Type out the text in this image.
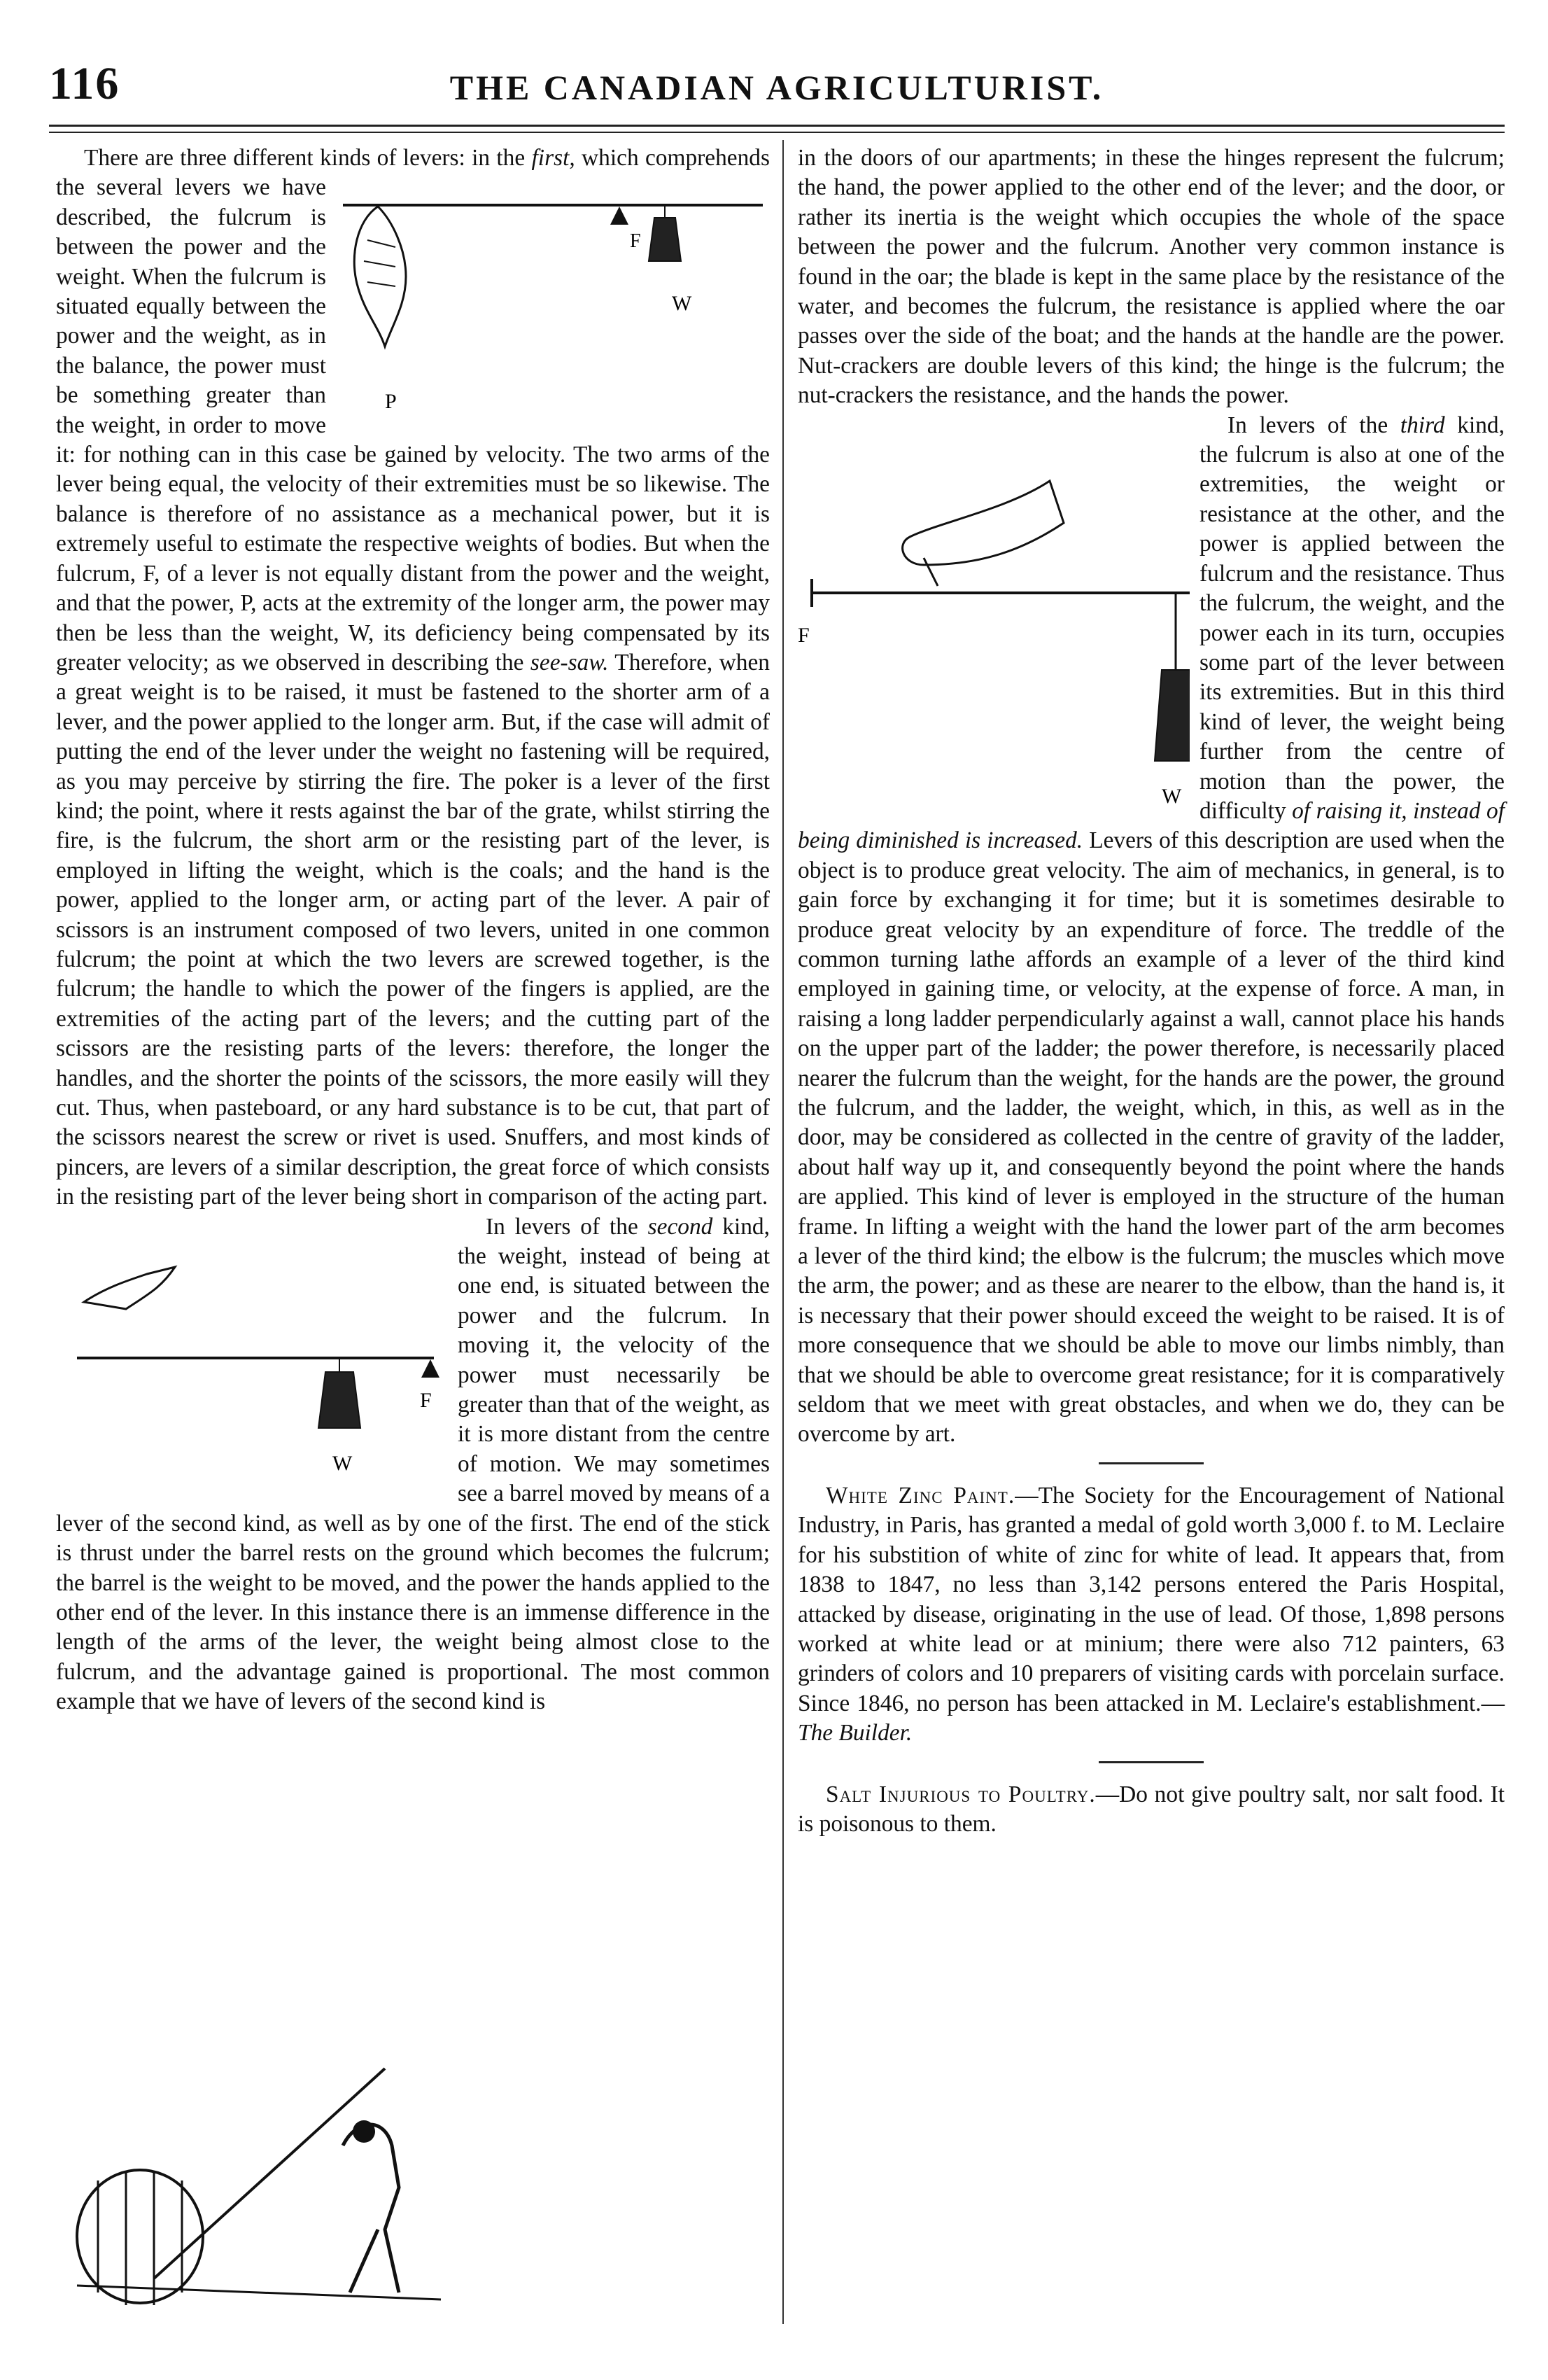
116	THE CANADIAN AGRICULTURIST.

There are three different kinds of levers: in the first,
F
W
P
which comprehends the several levers we have described, the fulcrum is between the power and the weight. When the fulcrum is situated equally between the power and the weight, as in the balance, the power must be something greater than the weight, in order to move it: for nothing can in this case be gained by velocity. The two arms of the lever being equal, the velocity of their extremities must be so likewise. The balance is therefore of no assistance as a mechanical power, but it is extremely useful to estimate the respective weights of bodies. But when the fulcrum, F, of a lever is not equally distant from the power and the weight, and that the power, P, acts at the extremity of the longer arm, the power may then be less than the weight, W, its deficiency being compensated by its greater velocity; as we observed in describing the see-saw. Therefore, when a great weight is to be raised, it must be fastened to the shorter arm of a lever, and the power applied to the longer arm. But, if the case will admit of putting the end of the lever under the weight no fastening will be required, as you may perceive by stirring the fire. The poker is a lever of the first kind; the point, where it rests against the bar of the grate, whilst stirring the fire, is the fulcrum, the short arm or the resisting part of the lever, is employed in lifting the weight, which is the coals; and the hand is the power, applied to the longer arm, or acting part of the lever. A pair of scissors is an instrument composed of two levers, united in one common fulcrum; the point at which the two levers are screwed together, is the fulcrum; the handle to which the power of the fingers is applied, are the extremities of the acting part of the levers; and the cutting part of the scissors are the resisting parts of the levers: therefore, the longer the handles, and the shorter the points of the scissors, the more easily will they cut. Thus, when pasteboard, or any hard substance is to be cut, that part of the scissors nearest the screw or rivet is used. Snuffers, and most kinds of pincers, are levers of a similar description, the great force of which consists in the resisting part of the lever being short in comparison of the acting part.

In levers of the second
F
W
kind, the weight, instead of being at one end, is situated between the power and the fulcrum. In moving it, the velocity of the power must necessarily be greater than that of the weight, as it is more distant from the centre of motion. We may sometimes see a barrel moved by means of a lever of the second kind, as well as by one of the first. The end of the stick is thrust under the barrel rests on the ground which becomes the fulcrum; the barrel is the weight to be moved, and the power the hands applied to the other end of the lever. In this instance there is an immense difference in the length of the arms of the lever, the weight being almost close to the fulcrum, and the advantage gained is proportional. The most common example that we have of levers of the second kind is

in the doors of our apartments; in these the hinges represent the fulcrum; the hand, the power applied to the other end of the lever; and the door, or rather its inertia is the weight which occupies the whole of the space between the power and the fulcrum. Another very common instance is found in the oar; the blade is kept in the same place by the resistance of the water, and becomes the fulcrum, the resistance is applied where the oar passes over the side of the boat; and the hands at the handle are the power. Nut-crackers are double levers of this kind; the hinge is the fulcrum; the nut-crackers the resistance, and the hands the power.

In levers of the third
F
W
kind, the fulcrum is also at one of the extremities, the weight or resistance at the other, and the power is applied between the fulcrum and the resistance. Thus the fulcrum, the weight, and the power each in its turn, occupies some part of the lever between its extremities. But in this third kind of lever, the weight being further from the centre of motion than the power, the difficulty of raising it, instead of being diminished is increased. Levers of this description are used when the object is to produce great velocity. The aim of mechanics, in general, is to gain force by exchanging it for time; but it is sometimes desirable to produce great velocity by an expenditure of force. The treddle of the common turning lathe affords an example of a lever of the third kind employed in gaining time, or velocity, at the expense of force. A man, in raising a long ladder perpendicularly against a wall, cannot place his hands on the upper part of the ladder; the power therefore, is necessarily placed nearer the fulcrum than the weight, for the hands are the power, the ground the fulcrum, and the ladder, the weight, which, in this, as well as in the door, may be considered as collected in the centre of gravity of the ladder, about half way up it, and consequently beyond the point where the hands are applied. This kind of lever is employed in the structure of the human frame. In lifting a weight with the hand the lower part of the arm becomes a lever of the third kind; the elbow is the fulcrum; the muscles which move the arm, the power; and as these are nearer to the elbow, than the hand is, it is necessary that their power should exceed the weight to be raised. It is of more consequence that we should be able to move our limbs nimbly, than that we should be able to overcome great resistance; for it is comparatively seldom that we meet with great obstacles, and when we do, they can be overcome by art.

White Zinc Paint.—The Society for the Encouragement of National Industry, in Paris, has granted a medal of gold worth 3,000 f. to M. Leclaire for his substition of white of zinc for white of lead. It appears that, from 1838 to 1847, no less than 3,142 persons entered the Paris Hospital, attacked by disease, originating in the use of lead. Of those, 1,898 persons worked at white lead or at minium; there were also 712 painters, 63 grinders of colors and 10 preparers of visiting cards with porcelain surface. Since 1846, no person has been attacked in M. Leclaire's establishment.—The Builder.

Salt Injurious to Poultry.—Do not give poultry salt, nor salt food. It is poisonous to them.
